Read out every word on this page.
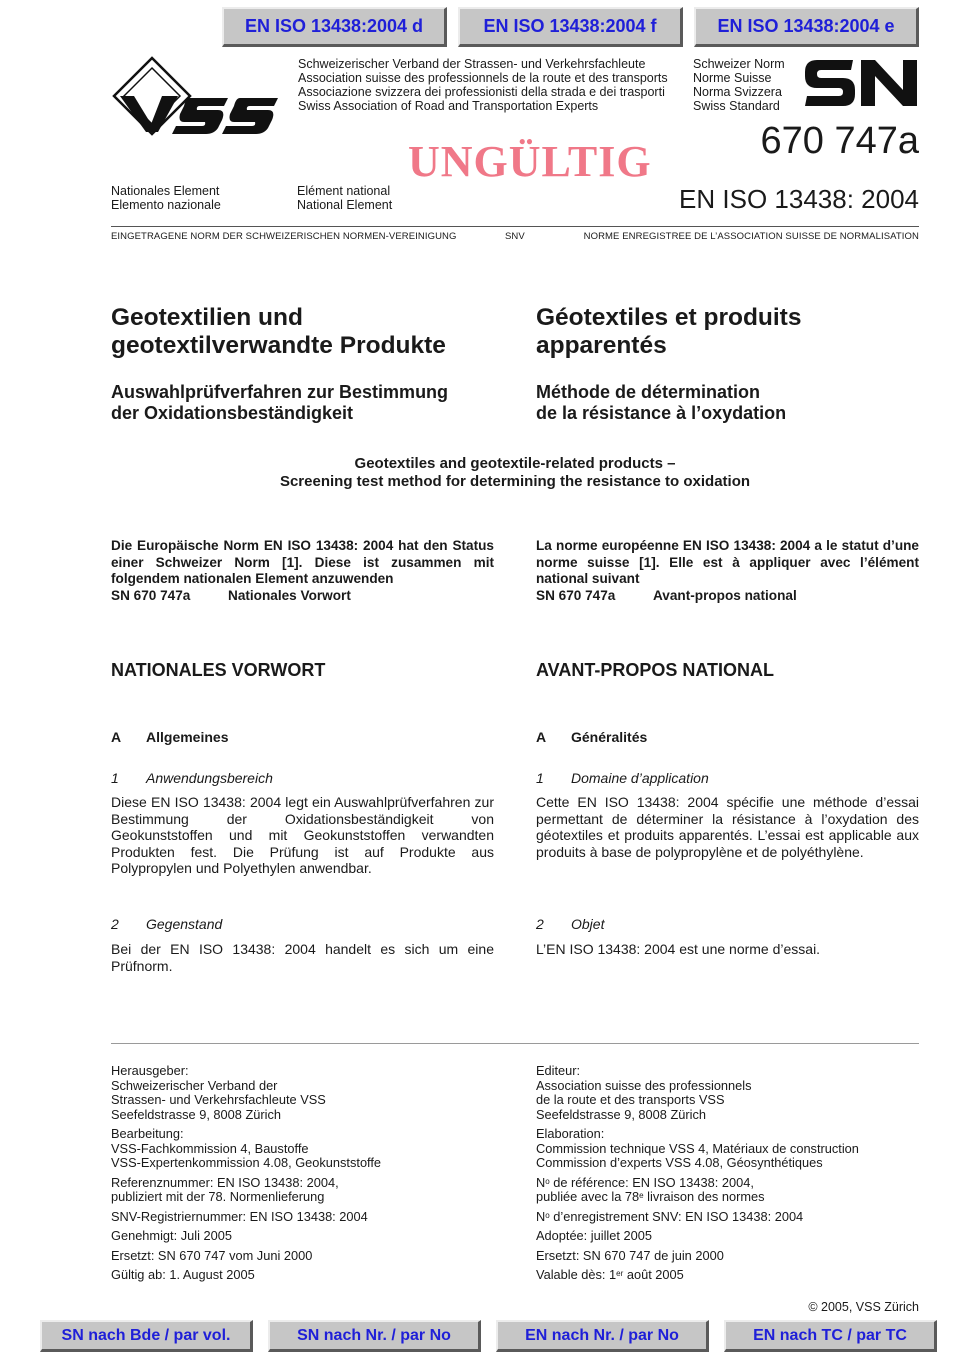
EN ISO 13438:2004 d	EN ISO 13438:2004 f	EN ISO 13438:2004 e
Schweizerischer Verband der Strassen- und Verkehrsfachleute
Association suisse des professionnels de la route et des transports
Associazione svizzera dei professionisti della strada e dei trasporti
Swiss Association of Road and Transportation Experts
Schweizer Norm
Norme Suisse
Norma Svizzera
Swiss Standard
UNGÜLTIG	670 747a
Nationales Element
Elemento nazionale
Elément national
National Element	EN ISO 13438: 2004
EINGETRAGENE NORM DER SCHWEIZERISCHEN NORMEN-VEREINIGUNG	SNV	NORME ENREGISTREE DE L’ASSOCIATION SUISSE DE NORMALISATION
Geotextilien und
geotextilverwandte Produkte
Géotextiles et produits
apparentés
Auswahlprüfverfahren zur Bestimmung
der Oxidationsbeständigkeit
Méthode de détermination
de la résistance à l’oxydation
Geotextiles and geotextile-related products –
Screening test method for determining the resistance to oxidation
Die Europäische Norm EN ISO 13438: 2004 hat den Status einer Schweizer Norm [1]. Diese ist zusammen mit folgendem nationalen Element anzuwenden
SN 670 747a	Nationales Vorwort
La norme européenne EN ISO 13438: 2004 a le statut d’une norme suisse [1]. Elle est à appliquer avec l’élément national suivant
SN 670 747a	Avant-propos national
NATIONALES VORWORT	AVANT-PROPOS NATIONAL
A Allgemeines	A Généralités
1 Anwendungsbereich	1 Domaine d’application
Diese EN ISO 13438: 2004 legt ein Auswahlprüfverfahren zur Bestimmung der Oxidationsbeständigkeit von Geokunststoffen und mit Geokunststoffen verwandten Produkten fest. Die Prüfung ist auf Produkte aus Polypropylen und Polyethylen anwendbar.
Cette EN ISO 13438: 2004 spécifie une méthode d’essai permettant de déterminer la résistance à l’oxydation des géotextiles et produits apparentés. L’essai est applicable aux produits à base de polypropylène et de polyéthylène.
2 Gegenstand	2 Objet
Bei der EN ISO 13438: 2004 handelt es sich um eine Prüfnorm.
L’EN ISO 13438: 2004 est une norme d’essai.
Herausgeber:
Schweizerischer Verband der
Strassen- und Verkehrsfachleute VSS
Seefeldstrasse 9, 8008 Zürich
Bearbeitung:
VSS-Fachkommission 4, Baustoffe
VSS-Expertenkommission 4.08, Geokunststoffe
Referenznummer: EN ISO 13438: 2004,
publiziert mit der 78. Normenlieferung
SNV-Registriernummer: EN ISO 13438: 2004
Genehmigt: Juli 2005
Ersetzt: SN 670 747 vom Juni 2000
Gültig ab: 1. August 2005
Editeur:
Association suisse des professionnels
de la route et des transports VSS
Seefeldstrasse 9, 8008 Zürich
Elaboration:
Commission technique VSS 4, Matériaux de construction
Commission d’experts VSS 4.08, Géosynthétiques
$N^o$ de référence: EN ISO 13438: 2004,
publiée avec la 78e livraison des normes
$N^o$ d’enregistrement SNV: EN ISO 13438: 2004
Adoptée: juillet 2005
Ersetzt: SN 670 747 de juin 2000
Valable dès: 1er août 2005
© 2005, VSS Zürich
SN nach Bde / par vol.	SN nach Nr. / par No	EN nach Nr. / par No	EN nach TC / par TC
